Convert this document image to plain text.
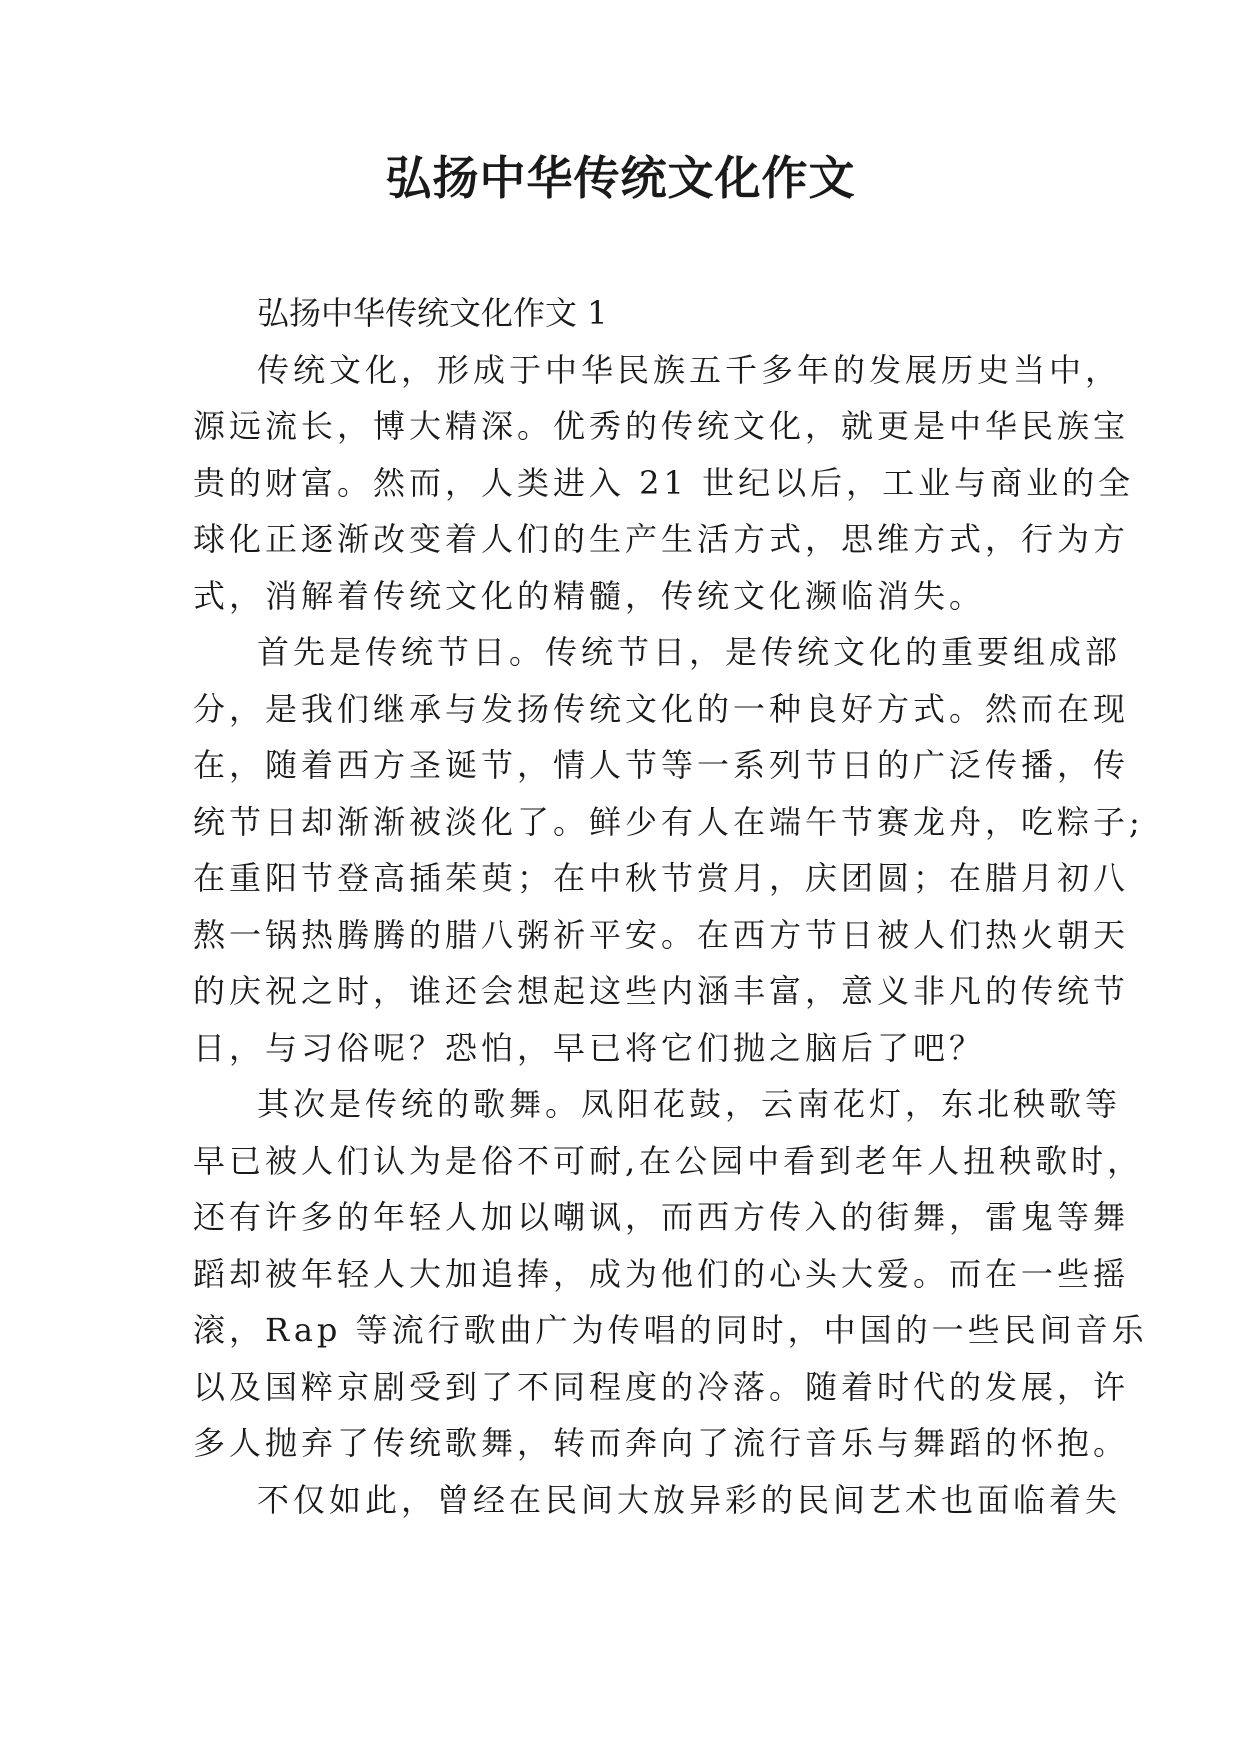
弘扬中华传统文化作文

弘扬中华传统文化作文 1

传统文化，形成于中华民族五千多年的发展历史当中，
源远流长，博大精深。优秀的传统文化，就更是中华民族宝
贵的财富。然而，人类进入 21 世纪以后，工业与商业的全
球化正逐渐改变着人们的生产生活方式，思维方式，行为方
式，消解着传统文化的精髓，传统文化濒临消失。
首先是传统节日。传统节日，是传统文化的重要组成部
分，是我们继承与发扬传统文化的一种良好方式。然而在现
在，随着西方圣诞节，情人节等一系列节日的广泛传播，传
统节日却渐渐被淡化了。鲜少有人在端午节赛龙舟，吃粽子;
在重阳节登高插茱萸；在中秋节赏月，庆团圆；在腊月初八
熬一锅热腾腾的腊八粥祈平安。在西方节日被人们热火朝天
的庆祝之时，谁还会想起这些内涵丰富，意义非凡的传统节
日，与习俗呢？恐怕，早已将它们抛之脑后了吧？
其次是传统的歌舞。凤阳花鼓，云南花灯，东北秧歌等
早已被人们认为是俗不可耐,在公园中看到老年人扭秧歌时，
还有许多的年轻人加以嘲讽，而西方传入的街舞，雷鬼等舞
蹈却被年轻人大加追捧，成为他们的心头大爱。而在一些摇
滚，Rap 等流行歌曲广为传唱的同时，中国的一些民间音乐
以及国粹京剧受到了不同程度的冷落。随着时代的发展，许
多人抛弃了传统歌舞，转而奔向了流行音乐与舞蹈的怀抱。
不仅如此，曾经在民间大放异彩的民间艺术也面临着失
